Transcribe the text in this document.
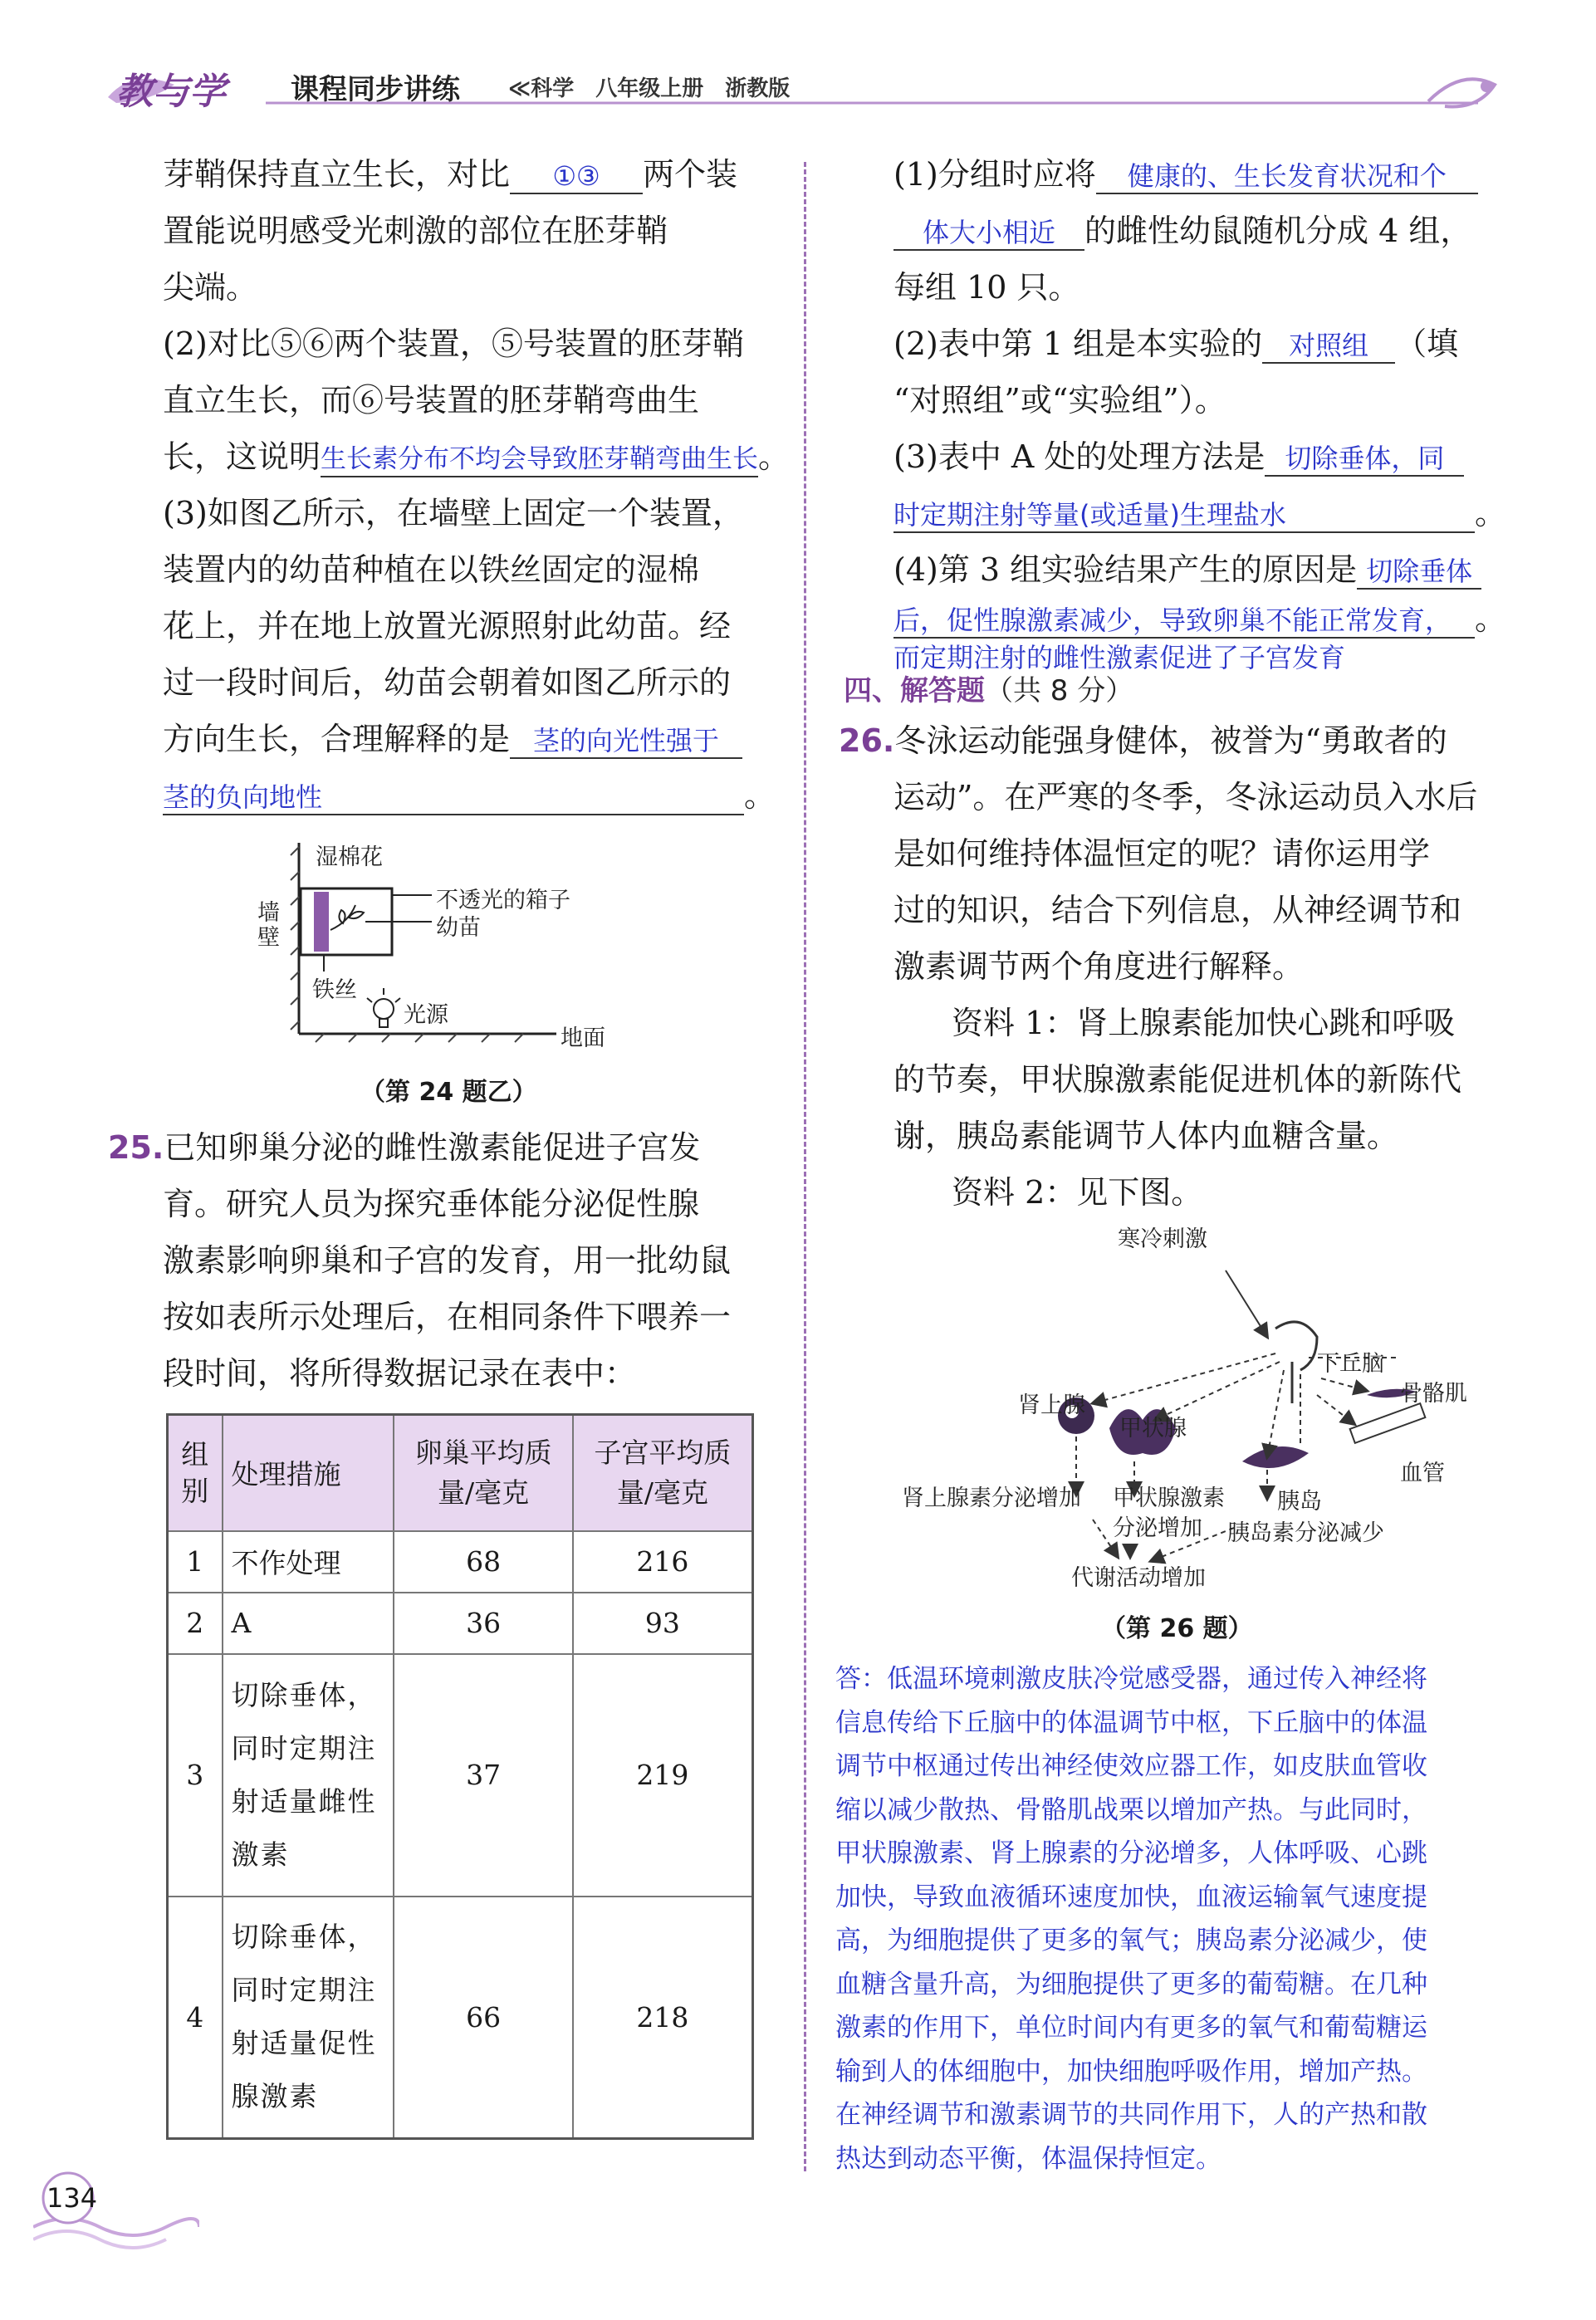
教与学 课程同步讲练 ≪科学 八年级上册 浙教版
芽鞘保持直立生长，对比 ①③ 两个装
置能说明感受光刺激的部位在胚芽鞘
尖端。
(2)对比⑤⑥两个装置，⑤号装置的胚芽鞘
直立生长，而⑥号装置的胚芽鞘弯曲生
长，这说明生长素分布不均会导致胚芽鞘弯曲生长。
(3)如图乙所示，在墙壁上固定一个装置，
装置内的幼苗种植在以铁丝固定的湿棉
花上，并在地上放置光源照射此幼苗。经
过一段时间后，幼苗会朝着如图乙所示的
方向生长，合理解释的是 茎的向光性强于
茎的负向地性	。
湿棉花
墙壁
不透光的箱子
幼苗
铁丝
光源
地面
（第 24 题乙）
25.已知卵巢分泌的雌性激素能促进子宫发
育。研究人员为探究垂体能分泌促性腺
激素影响卵巢和子宫的发育，用一批幼鼠
按如表所示处理后，在相同条件下喂养一
段时间，将所得数据记录在表中：
组别	处理措施	卵巢平均质量/毫克	子宫平均质量/毫克
1	不作处理	68	216
2	A	36	93
3	切除垂体，同时定期注射适量雌性激素	37	219
4	切除垂体，同时定期注射适量促性腺激素	66	218
134
(1)分组时应将 健康的、生长发育状况和个
体大小相近 的雌性幼鼠随机分成 4 组，
每组 10 只。
(2)表中第 1 组是本实验的 对照组 （填
“对照组”或“实验组”）。
(3)表中 A 处的处理方法是 切除垂体，同
时定期注射等量(或适量)生理盐水	。
(4)第 3 组实验结果产生的原因是 切除垂体
后，促性腺激素减少，导致卵巢不能正常发育， 。
而定期注射的雌性激素促进了子宫发育
四、解答题（共 8 分）
26.冬泳运动能强身健体，被誉为“勇敢者的
运动”。在严寒的冬季，冬泳运动员入水后
是如何维持体温恒定的呢？请你运用学
过的知识，结合下列信息，从神经调节和
激素调节两个角度进行解释。
资料 1：肾上腺素能加快心跳和呼吸
的节奏，甲状腺激素能促进机体的新陈代
谢，胰岛素能调节人体内血糖含量。
资料 2：见下图。
寒冷刺激
下丘脑
骨骼肌
肾上腺
甲状腺
血管
肾上腺素分泌增加 甲状腺激素
分泌增加
胰岛
胰岛素分泌减少
代谢活动增加
（第 26 题）
答：低温环境刺激皮肤冷觉感受器，通过传入神经将
信息传给下丘脑中的体温调节中枢，下丘脑中的体温
调节中枢通过传出神经使效应器工作，如皮肤血管收
缩以减少散热、骨骼肌战栗以增加产热。与此同时，
甲状腺激素、肾上腺素的分泌增多，人体呼吸、心跳
加快，导致血液循环速度加快，血液运输氧气速度提
高，为细胞提供了更多的氧气；胰岛素分泌减少，使
血糖含量升高，为细胞提供了更多的葡萄糖。在几种
激素的作用下，单位时间内有更多的氧气和葡萄糖运
输到人的体细胞中，加快细胞呼吸作用，增加产热。
在神经调节和激素调节的共同作用下，人的产热和散
热达到动态平衡，体温保持恒定。
